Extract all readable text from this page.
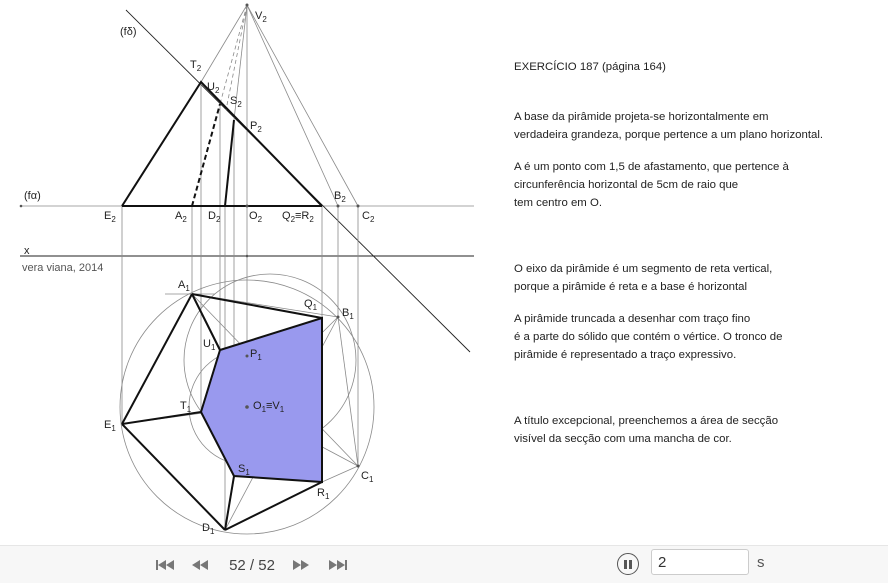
(fδ)
(fα)
x
$V_2$
$T_2$
$U_2$
$S_2$
$P_2$
$E_2$	$A_2$ $D_2$	$O_2$ $Q_2\equiv R_2$
$B_2$
$C_2$
$A_1$
$Q_1$ $B_1$
$U_1$
$P_1$
$T_1$	$O_1\equiv V_1$
$E_1$
$S_1$	$C_1$
$R_1$
$D_1$
vera viana, 2014

EXERCÍCIO 187 (página 164)

A base da pirâmide projeta-se horizontalmente em
verdadeira grandeza, porque pertence a um plano horizontal.

A é um ponto com 1,5 de afastamento, que pertence à
circunferência horizontal de 5cm de raio que
tem centro em O.

O eixo da pirâmide é um segmento de reta vertical,
porque a pirâmide é reta e a base é horizontal

A pirâmide truncada a desenhar com traço fino
é a parte do sólido que contém o vértice. O tronco de
pirâmide é representado a traço expressivo.

A título excepcional, preenchemos a área de secção
visível da secção com uma mancha de cor.

52 / 52
2	s
